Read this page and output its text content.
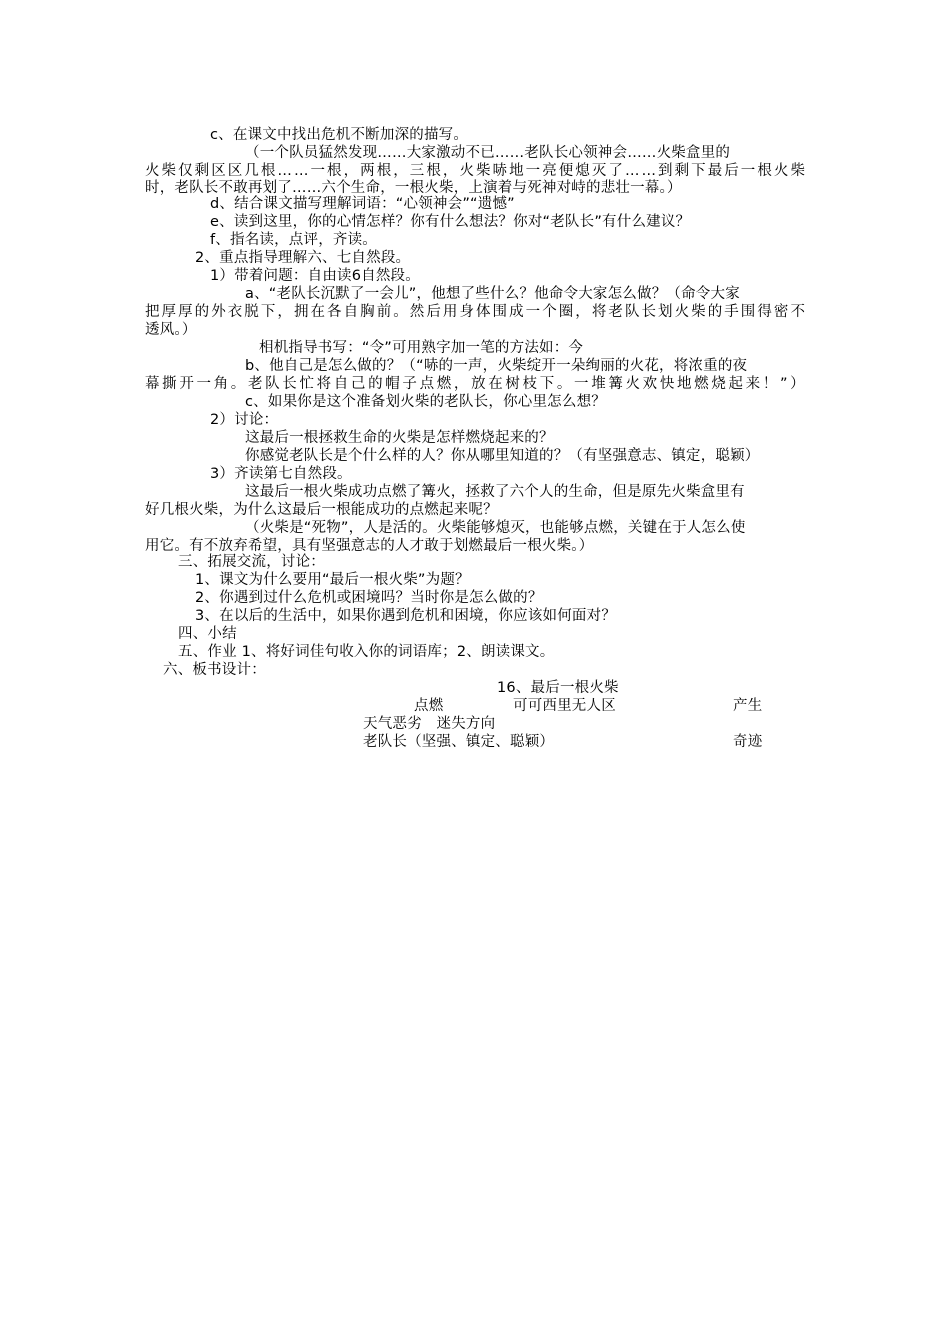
c、在课文中找出危机不断加深的描写。
（一个队员猛然发现……大家激动不已……老队长心领神会……火柴盒里的
火柴仅剩区区几根……一根，两根，三根，火柴哧地一亮便熄灭了……到剩下最后一根火柴
时，老队长不敢再划了……六个生命，一根火柴，上演着与死神对峙的悲壮一幕。）
d、结合课文描写理解词语：“心领神会”“遗憾”
e、读到这里，你的心情怎样？你有什么想法？你对“老队长”有什么建议？
f、指名读，点评，齐读。
2、重点指导理解六、七自然段。
1）带着问题：自由读6自然段。
a、“老队长沉默了一会儿”，他想了些什么？他命令大家怎么做？（命令大家
把厚厚的外衣脱下，拥在各自胸前。然后用身体围成一个圈，将老队长划火柴的手围得密不
透风。）
相机指导书写：“令”可用熟字加一笔的方法如：今
b、他自己是怎么做的？（“哧的一声，火柴绽开一朵绚丽的火花，将浓重的夜
幕撕开一角。老队长忙将自己的帽子点燃，放在树枝下。一堆篝火欢快地燃烧起来！”）
c、如果你是这个准备划火柴的老队长，你心里怎么想？
2）讨论：
这最后一根拯救生命的火柴是怎样燃烧起来的？
你感觉老队长是个什么样的人？你从哪里知道的？（有坚强意志、镇定，聪颖）
3）齐读第七自然段。
这最后一根火柴成功点燃了篝火，拯救了六个人的生命，但是原先火柴盒里有
好几根火柴，为什么这最后一根能成功的点燃起来呢？
（火柴是“死物”，人是活的。火柴能够熄灭，也能够点燃，关键在于人怎么使
用它。有不放弃希望，具有坚强意志的人才敢于划燃最后一根火柴。）
三、拓展交流，讨论：
1、课文为什么要用“最后一根火柴”为题？
2、你遇到过什么危机或困境吗？当时你是怎么做的？
3、在以后的生活中，如果你遇到危机和困境，你应该如何面对？
四、小结
五、作业 1、将好词佳句收入你的词语库；2、朗读课文。
六、板书设计：
16、最后一根火柴
点燃	可可西里无人区	产生
天气恶劣　迷失方向
老队长（坚强、镇定、聪颖）	奇迹
